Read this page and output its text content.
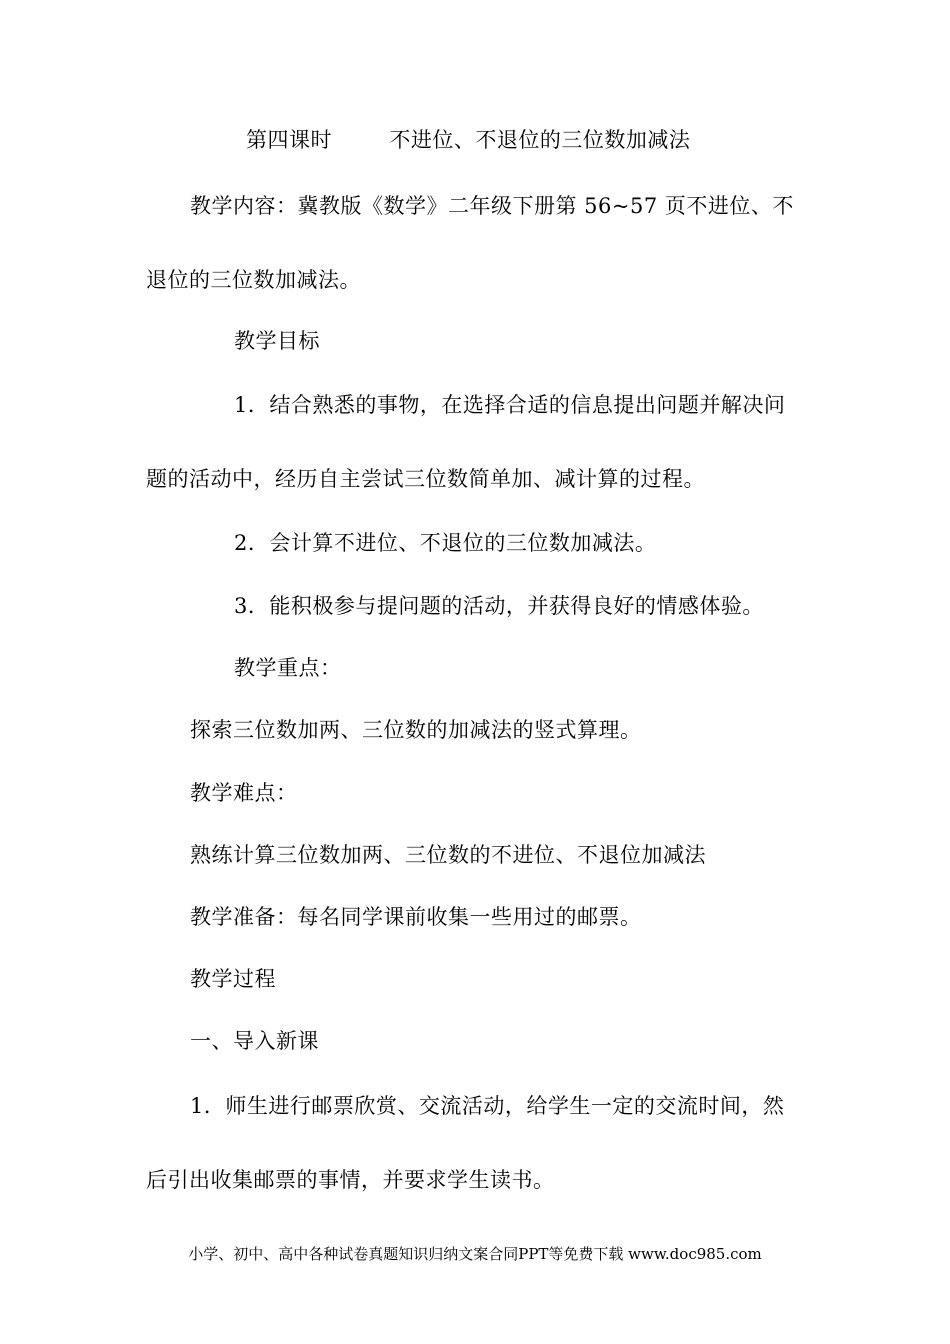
第四课时        不进位、不退位的三位数加减法
教学内容：冀教版《数学》二年级下册第 56~57 页不进位、不
退位的三位数加减法。
教学目标
1．结合熟悉的事物，在选择合适的信息提出问题并解决问
题的活动中，经历自主尝试三位数简单加、减计算的过程。
2．会计算不进位、不退位的三位数加减法。
3．能积极参与提问题的活动，并获得良好的情感体验。
教学重点：
探索三位数加两、三位数的加减法的竖式算理。
教学难点：
熟练计算三位数加两、三位数的不进位、不退位加减法
教学准备：每名同学课前收集一些用过的邮票。
教学过程
一、导入新课
1．师生进行邮票欣赏、交流活动，给学生一定的交流时间，然
后引出收集邮票的事情，并要求学生读书。
小学、初中、高中各种试卷真题知识归纳文案合同PPT等免费下载 www.doc985.com
